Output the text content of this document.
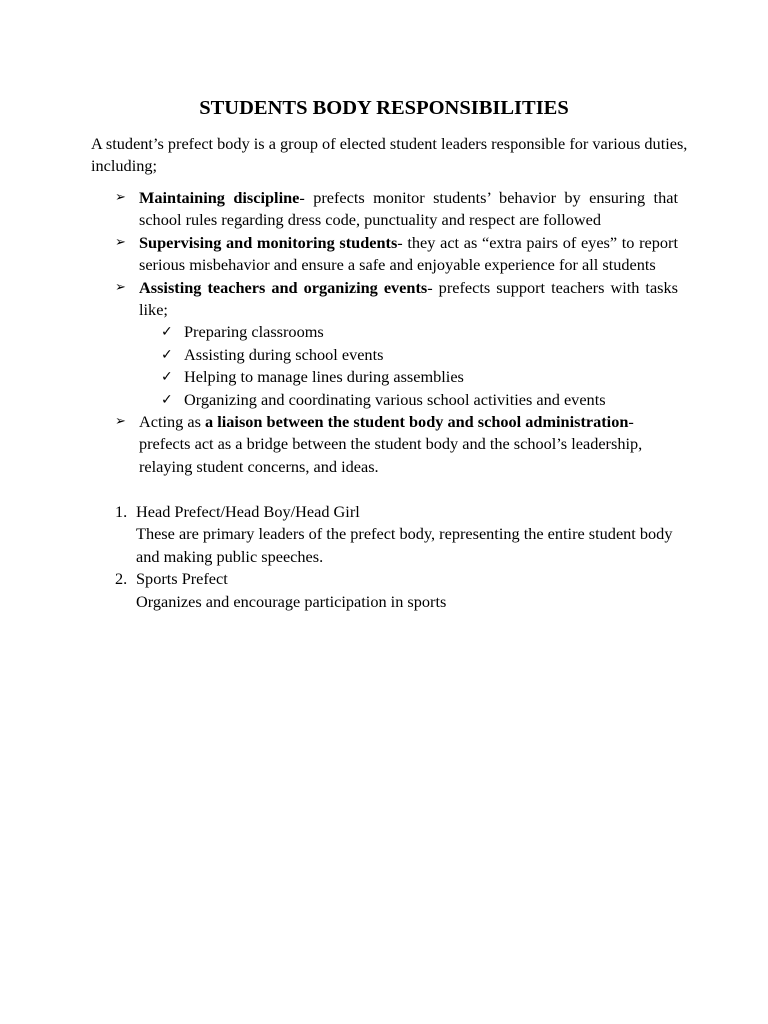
STUDENTS BODY RESPONSIBILITIES

A student’s prefect body is a group of elected student leaders responsible for various duties, including;

➢ Maintaining discipline- prefects monitor students’ behavior by ensuring that school rules regarding dress code, punctuality and respect are followed
➢ Supervising and monitoring students- they act as “extra pairs of eyes” to report serious misbehavior and ensure a safe and enjoyable experience for all students
➢ Assisting teachers and organizing events- prefects support teachers with tasks like;
✓ Preparing classrooms
✓ Assisting during school events
✓ Helping to manage lines during assemblies
✓ Organizing and coordinating various school activities and events
➢ Acting as a liaison between the student body and school administration- prefects act as a bridge between the student body and the school’s leadership, relaying student concerns, and ideas.
1. Head Prefect/Head Boy/Head Girl
These are primary leaders of the prefect body, representing the entire student body and making public speeches.
2. Sports Prefect
Organizes and encourage participation in sports
